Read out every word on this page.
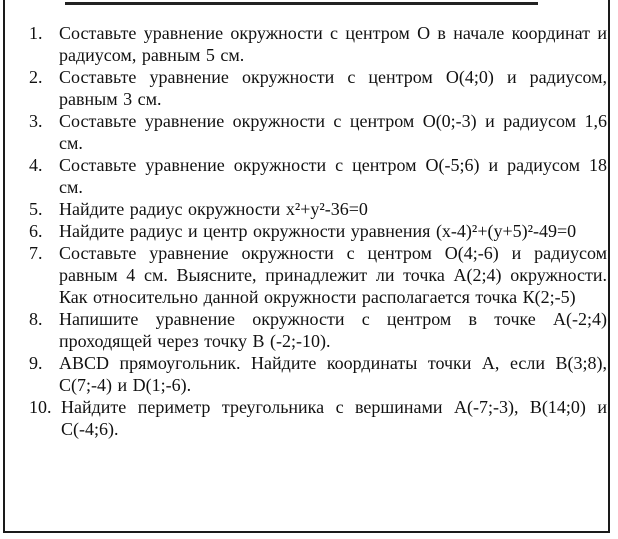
1. Составьте уравнение окружности с центром О в начале координат и радиусом, равным 5 см.
2. Составьте уравнение окружности с центром О(4;0) и радиусом, равным 3 см.
3. Составьте уравнение окружности с центром О(0;-3) и радиусом 1,6 см.
4. Составьте уравнение окружности с центром О(-5;6) и радиусом 18 см.
5. Найдите радиус окружности x²+y²-36=0
6. Найдите радиус и центр окружности уравнения (x-4)²+(y+5)²-49=0
7. Составьте уравнение окружности с центром О(4;-6) и радиусом равным 4 см. Выясните, принадлежит ли точка А(2;4) окружности. Как относительно данной окружности располагается точка К(2;-5)
8. Напишите уравнение окружности с центром в точке А(-2;4) проходящей через точку В (-2;-10).
9. ABCD прямоугольник. Найдите координаты точки А, если В(3;8), С(7;-4) и D(1;-6).
10. Найдите периметр треугольника с вершинами А(-7;-3), В(14;0) и С(-4;6).
